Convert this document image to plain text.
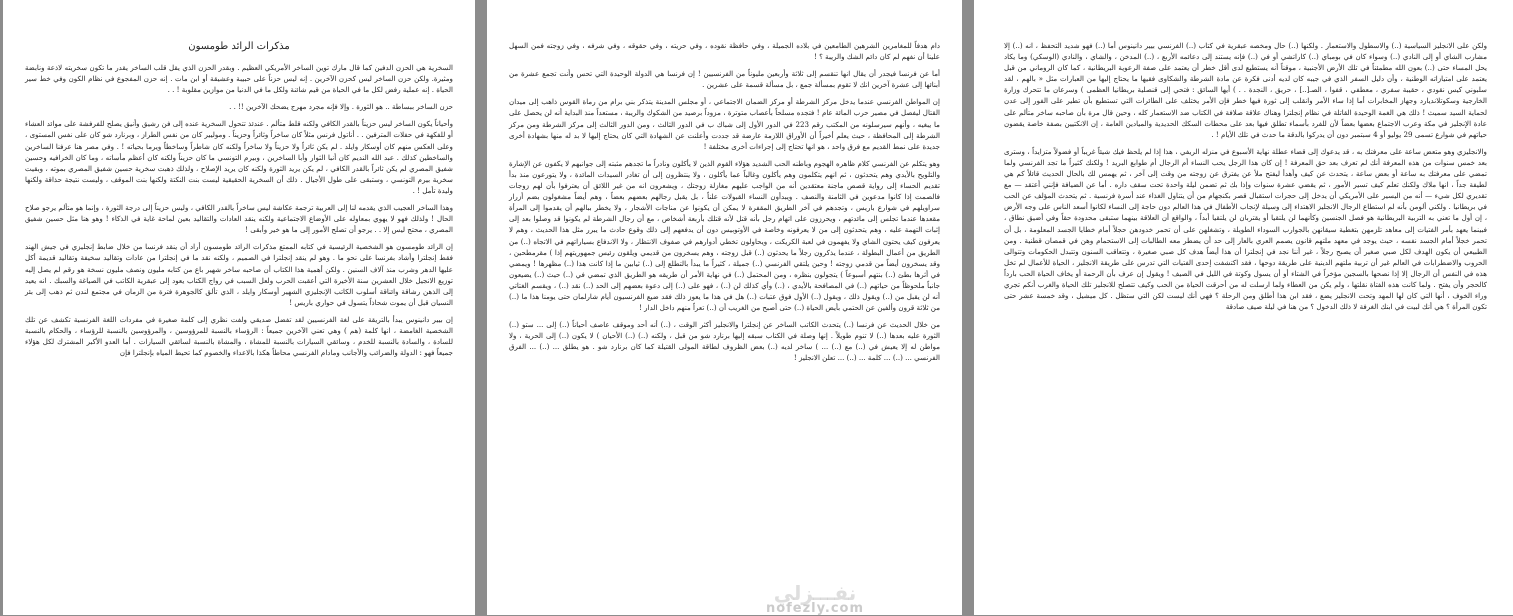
مذكرات الرائد طومسون

السخرية هي الحزن الدفين كما قال مارك توين الساخر الأمريكي العظيم . وبقدر الحزن الذي يقل قلب الساخر يقدر ما تكون سخريته لاذعة ونابضة ومثيرة. ولكن حزن الساخر ليس كحزن الآخرين . إنه ليس حزناً على حبيبة وعشيقة أو ابن مات . إنه حزن المفجوع في نظام الكون وفي خط سير الحياة . إنه عملية رفض لكل ما في الحياة من قيم شائنة ولكل ما في الدنيا من موازين مقلوبة ! . .

حزن الساخر ببساطة .. هو الثورة . وإلا فإنه مجرد مهرج يضحك الآخرين !! . .

وأحياناً يكون الساخر ليس حزيناً بالقدر الكافي ولكنه قلط متألم . عندئذ تتحول السخرية عنده إلى فن رشيق وأنيق يصلح للفرفشة على موائد العشاء أو للفكهة في حفلات المترفين . . أناتول فرنس مثلاً كان ساخراً وثائراً وحزيناً . وموليير كان من نفس الطراز ، وبرنارد شو كان على نفس المستوى ، وعلى العكس منهم كان أوسكار وايلد . لم يكن ثائراً ولا حزيناً ولا ساخراً ولكنه كان شاطراً وساخطاً ويرما بحياته ! . وفي مصر هنا عرفنا الساخرين والساخطين كذلك . عبد الله النديم كان أنبا الثوار وأبا الساخرين ، وبيرم التونسي ما كان حزيناً ولكنه كان أعظم مأساته ، وما كان الخرافيه وحسين شفيق المصري لم يكن ثائراً بالقدر الكافي ، لم يكن يريد الثورة ولكنه كان يريد الإصلاح ، ولذلك ذهبت سخرية حسين شفيق المصري بموته ، وبقيت سخرية بيرم التونسي ، وستبقى على طول الأجيال . ذلك أن السخرية الحقيقية ليست بنت النكتة ولكنها بنت الموقف ، وليست نتيجة حذاقة ولكنها وليدة تأمل ! .

وهذا الساخر العجيب الذي يقدمه لنا إلى العربية ترجمة عكاشة ليس ساخراً بالقدر الكافي ، وليس حزيناً إلى درجة الثورة ، وإنما هو متألم يرجو صلاح الحال ! ولذلك فهو لا يهوي بمعاوله على الأوضاع الاجتماعية ولكنه ينقد العادات والتقاليد بعين لماحة غاية في الذكاء ! وهو هنا مثل حسين شفيق المصري ، محتج ليس إلا . . يرجو أن تصلح الأمور إلى ما هو خير وأبقى !

إن الرائد طومسون هو الشخصية الرئيسية في كتابه الممتع مذكرات الرائد طومسون أراد أن ينقد فرنسا من خلال ضابط إنجليزي في جيش الهند فقط إنجلترا وأشاد بفرنسا على نحو ما . وهو لم ينقد إنجلترا في الصميم ، ولكنه نقد ما في إنجلترا من عادات وتقاليد سخيفة وتقاليد قديمة أكل عليها الدهر وشرب منذ آلاف السنين . ولكن أهمية هذا الكتاب أن صاحبه ساخر شهير باع من كتابه مليون ونصف مليون نسخة هو رقم لم يصل إليه توزيع الانجيل خلال العشرين سنة الأخيرة التي أعقبت الحرب ولعل السبب في رواج الكتاب يعود إلى عبقرية الكاتب في الصياغة والسبك . انه يعيد إلى الذهن رشاقة وائناقة أسلوب الكاتب الإنجليزي الشهير أوسكار وايلد ، الذي تألق كالجوهرة فترة من الزمان في مجتمع لندن ثم ذهب إلى بئر النسيان قبل أن يموت شحاذاً يتسول في حواري باريس !

إن بيير دانينوس يبدأ بالتريقة على لغة الفرنسيين لقد تفضل صديقي ولفت نظري إلى كلمة صغيرة في مفردات اللغة الفرنسية تكشف عن تلك الشخصية الغامضة ، انها كلمة (هم ) وهي تعني الآخرين جميعاً : الرؤساء بالنسبة للمرؤوسين ، والمرؤوسين بالنسبة للرؤساء ، والحكام بالنسبة للسادة ، والسادة بالنسبة للخدم ، وسائقي السيارات بالنسبة للمشاة ، والمشاة بالنسبة لسائقي السيارات . أما العدو الأكبر المشترك لكل هؤلاء جميعاً فهو : الدولة والضرائب والأجانب ومادام الفرنسي محاطاً هكذا بالاعداء والخصوم كما تحيط المياه بإنجلترا فإن

دام هدفاً للمغامرين الشرهين الطامعين في بلاده الجميلة ، وفي حافظة نقوده ، وفي حريته ، وفي حقوقه ، وفي شرفه ، وفي زوجته فمن السهل علينا أن نفهم لم كان دائم الشك والريبة ؟ !

أما عن فرنسا فيجدر أن يقال انها تنقسم إلى ثلاثة وأربعين مليوناً من الفرنسيين ! إن فرنسا هي الدولة الوحيدة التي تحس وأنت تجمع عشرة من أبنائها إلى عشرة آخرين انك لا تقوم بمسألة جمع ، بل مسألة قسمة على عشرين .

إن المواطن الفرنسي عندما يدخل مركز الشرطة أو مركز الضمان الاجتماعي ، أو مجلس المدينة يتذكر بني برام من رماة القوس ذاهب إلى ميدان القتال ليفصل في مصير حرب المائة عام ! فتجده مسلحاً بأعصاب متوترة ، مزوداً برصيد من الشكوك والريبة ، مستعداً منذ البداية أنه لن يحصل على ما يبغيه ، وأنهم سيرسلونه من المكتب رقم 223 في الدور الأول إلى شباك ب في الدور الثالث ، ومن الدور الثالث إلى مركز الشرطة ومن مركز الشرطة إلى المحافظة ، حيث يعلم أخيراً أن الأوراق اللازمة عارضة قد جددت وأعلنت عن الشهادة التي كان يحتاج إليها لا بد له منها بشهادة أخرى جديدة على نمط القديم مع فرق واحد ، هو انها تحتاج إلى إجراءات أخرى مختلفة !

وهو يتكلم عن الفرنسي كلام ظاهره الهجوم وباطنه الحب الشديد هؤلاء القوم الذين لا يأكلون ونادراً ما تجدهم مثبته إلى جوانبهم لا يكفون عن الإشارة والتلويح بالأيدي وهم يتحدثون ، ثم انهم يتكلمون وهم يأكلون وغالباً عما يأكلون ، ولا ينتظرون إلى أن تغادر السيدات المائدة ، ولا يتورعون منذ بدأ تقديم الحساء إلى رواية قصص ماجنة معتقدين أنه من الواجب عليهم مغازلة زوجتك ، ويشعرون انه من غير اللائق أن يعترفوا بأن لهم زوجات فالصمت إذا كانوا مدعوين في الثامنة والنصف . ويبدأون النساء القبولات علناً ، بل يقبل رجالهم بعضهم بعضاً ، وهم أيضاً مشغولون بضم أزرار سراويلهم في شوارع باريس ، وتجدهم في آخر الطريق المقفرة لا يمكن أن يكونوا عن مناجات الأشجار ، ولا يخطر ببالهم أن يقدموا إلى المرأة مقعدها عندما تجلس إلى مائدتهم ، ويحرزون على اتهام رجل بأنه قتل لأنه قتلك بأربعة أشخاص ، مع أن رجال الشرطة لم يكونوا قد وصلوا بعد إلى إثبات التهمة عليه ، وهم يتحدثون إلى من لا يعرفونه وخاصة في الأوتوبيس دون أن يدفعهم إلى ذلك وقوع حادث ما يبرر مثل هذا الحديث ، وهم لا يعرفون كيف يحتون الشاي ولا يفهمون في لعبة الكريكت ، ويحاولون تخطي أدوارهم في صفوف الانتظار ، ولا الاندفاع بسياراتهم في الاتجاه (..) من الطريق من أعمال البطولة ، عندما يذكرون رجلاً ما يحدثون (..) قبل زوجته ، وهم يسخرون من قديمي ويلقون رئيس جمهوريتهم إذا ) مقرمطحين ، وقد يسخرون أيضاً من قدمي زوجته ! وحين يلتقي الفرنسي (..) جميلة ، كثيراً ما يبدأ بالتطلع إلى (..) ثيابين ما إذا كانت هذا (..) مظهرها ! ويمضي في أثرها بطئ (..) بنتهم أسبوعاً ) يتجولون بنظره ، ومن المحتمل (..) في نهاية الأمر أن طريقه هو الطريق الذي تمضي في (..) حيث (..) يضيعون جانباً ملحوظاً من حياتهم (..) في المصافحة بالأيدي ، (..) وأي كذلك لن (..) ، فهو على (..) إلى دعوة بعضهم إلى الحد (..) نقد (..) ، ويقسم الغتاتي أنه لن يقبل من (..) ويقول ذلك ، ويقول (..) الأول فوق عتبات (..) هل في هذا ما يعوز ذلك فقد ضيع الفرنسيون أيام شارلمان حتى يومنا هذا ما (..) من ثلاثة قرون وألفين عن الحتمي بأيض الحياة (..) حتى أصبح من الغريب أن (..) تعراً منهم داخل الدار !

من خلال الحديث عن فرنسا (..) يتحدث الكاتب الساخر عن إنجلترا والانجليز أكثر الوقت ، (..) أنه أحد وموقف عاصف أحياناً (..) إلى ... ستو (..) الثورة عليه بعدها (..) لا تنوم طويلاً . إنها وصلة في الكتاب سبقه إليها برنارد شو من قبل ، ولكنه (..) (..) الأحيان ) لا يكون (..) إلى الحرية ، ولا مواطن له إلا يعيش في (..) مع (..) ... ) ساخر لديه (..) بعض الظروف لطاقة المولى القتيلة كما كان برنارد شو . هو يطلق ... (..) ... الفرق الفرنسي ... (..) ... كلمة ... (..) ... تعلن الانجليز !

ولكن على الانجليز السياسية (..) والاسطول والاستعمار . ولكنها (..) حال ومخصه عبقرية في كتاب (..) الفرنسي بيير دانينوس أما (..) فهو شديد التحفظ ، انه (..) إلا مشارب الشاي أو إلى النادي (..) وسواء كان في بومباي (..) كاراتشي أو في (..) فإنه يستند إلى دعائمه الأربع ، (..) المدخن ، والشاي ، والنادي (الوسكي) وما يكاد يحل المساء حتى (..) بعون الله مطمئناً في تلك الأرض الأجنبية ، موقناً أنه يستطيع لدى أقل خطر أن يعتمد على صفة الرعوية البريطانية ، كما كان الروماني من قبل يعتمد على امتيازاته الوطنية ، وأن دليل السفر الذي في جيبه كان لديه أدنى فكرة عن مادة الشرطة والشكاوى فقيها ما يحتاج إليها من العبارات مثل « بالهم ، لقد سلبوني كيس نقودي ، حقيبة سفري ، معطفي ، قفوا ، الصـ[..] ، حريق ، النجدة . . ) أيها السائق : فتحي إلى قنصلية بريطانيا العظمى ) وسرعان ما تتحرك وزارة الخارجية وسكوتلانديارد وجهاز المخابرات أما إذا ساء الأمر وانقلب إلى ثورة فيها خطر فإن الأمر يختلف على الطائرات التي تستطيع بأن تطير على الفور إلى عدن لحماية السيد سميث ! ذلك هي الغمة الوحيدة القاتلة في نظام إنجلترا وهناك علاقة صلافة في الكتاب ضد الاستعمار كله ، وحين قال مرة بأن صاحبه ساخر متألم على عادة الإنجليز في مكة وعرب الاجتماع بعضها بعضاً لأن للفرد بأسماء تطلق فيها بعد على محطات السكك الحديدية والميادين العامة ، إن الانكتيين بصفة خاصة يقضون حياتهم في شوارع تسمى 29 يوليو أو 4 سبتمبر دون أن يدركوا بالدقة ما حدث في تلك الأيام ! .

والانجليزي وهو متعض ساعة على معرفتك به ، قد يدعوك إلى قضاء عطلة نهاية الأسبوع في منزله الريفي ، هذا إذا لم يلحظ فيك شيئاً غريباً أو فضولاً متزايداً ، وسترى بعد خمس سنوات من هذه المعرفة أنك لم تعرف بعد حق المعرفة ! إن كان هذا الرجل يحب النساء أم الرجال أم طوابع البريد ! ولكنك كثيراً ما تجد الفرنسي ولما تمضي على معرفتك به ساعة أو بعض ساعة ، يتحدث عن كيف وأهدأ ليفتح ملأ عن يفترق عن زوجته من وقت إلى آخر ، ثم يهمس لك بالحال الحديث قائلاً كم هي لطيفة جداً ، انها ملاك ولكنك تعلم كيف تسير الأمور ، ثم يقضي عشرة سنوات وإذا بك ثم تضمن ليلة واحدة تحت سقف داره . أما عن الضيافة فإنني أعتقد — مع تقديري لكل شيء — أنه من اليسير على الأمريكي أن يدخل إلى حجرات استقبال قصر بكنجهام من أن يتناول الغذاء عند أسرة فرنسية . ثم يتحدث المؤلف عن الحب في بريطانيا . ولكني ألومن بأنه لم استطاع الرجال الانجليز الاهتداء إلى وسيلة لإنجاب الأطفال في هذا العالم دون حاجة إلى النساء لكانوا أسعد الناس على وجه الأرض ، إن أول ما تعني به التربية البريطانية هو فصل الجنسين وكأنهما لن يلتقيا أو يقتربان لن يلتقيا أبداً ، والواقع أن العلاقة بينهما ستبقى محدودة حقاً وفي أضيق نطاق ، فبينما يعهد بأمر الفتيات إلى معاهد تلزمهن بتغطية سيقانهن بالجوارب السوداء الطويلة ، وتشغلهن على أن تحمر خدودهن حجلاً أمام خطايا الجسد المعلومة ، بل أن تحمر خجلاً أمام الجسد نفسه ، حيث يوجد في معهد ملتهم قانون يصمم العري بالعار إلى حد أن يضطر معه الطالبات إلى الاستحمام وهن في قمصان قطنية . ومن الطبيعي أن يكون الهدف لكل صبي صغير أن يصبح رجلاً ، غير أننا نجد في إنجلترا أن هذا أيضاً هدف كل صبي صغيرة ، وتتعاقب السنون وتتبدل الحكومات وتتوالى الحروب والاضطرابات في العالم غير أن تربية ملتهم الدينية على طريقة دوحها ، فقد اكتشفت إحدى الفتيات التي تدرس على طريقة الانجليز ، الحياة للأعمال لم تخل هذه في النفس أن الرجال إلا إذا نصحها بالسجين مؤخراً في الشتاء أو أن يسول وكوتة في الليل في الصيف ! ويقول إن عرف بأن الرحمة أو يخاف الحياة الحب بارداً كالحجر وأن يفتح . ولما كانت هذه الفتاة نقلتها ، ولم يكن من العطاء ولما ارسلت له من أحرقت الحياة من الحب وكيف تتصلح للانجليز تلك الحياة والغرب أنكم تجري وراء الخوف ، أنها التي كان لها المهد وتحت الانجليز يضع ، فقد ابن هذا أطلق ومن الرحلة ؟ فهي أنك ليست لكن التي ستظل . كل ميشيل ، وقد خمسة عشر حتى تكون المرأة ؟ هي أنك لبيت في ابنك الغرفة لا ذلك الدخول ؟ من هنا في ليلة صيف صادقة

نفـــزلي
nofezly.com
